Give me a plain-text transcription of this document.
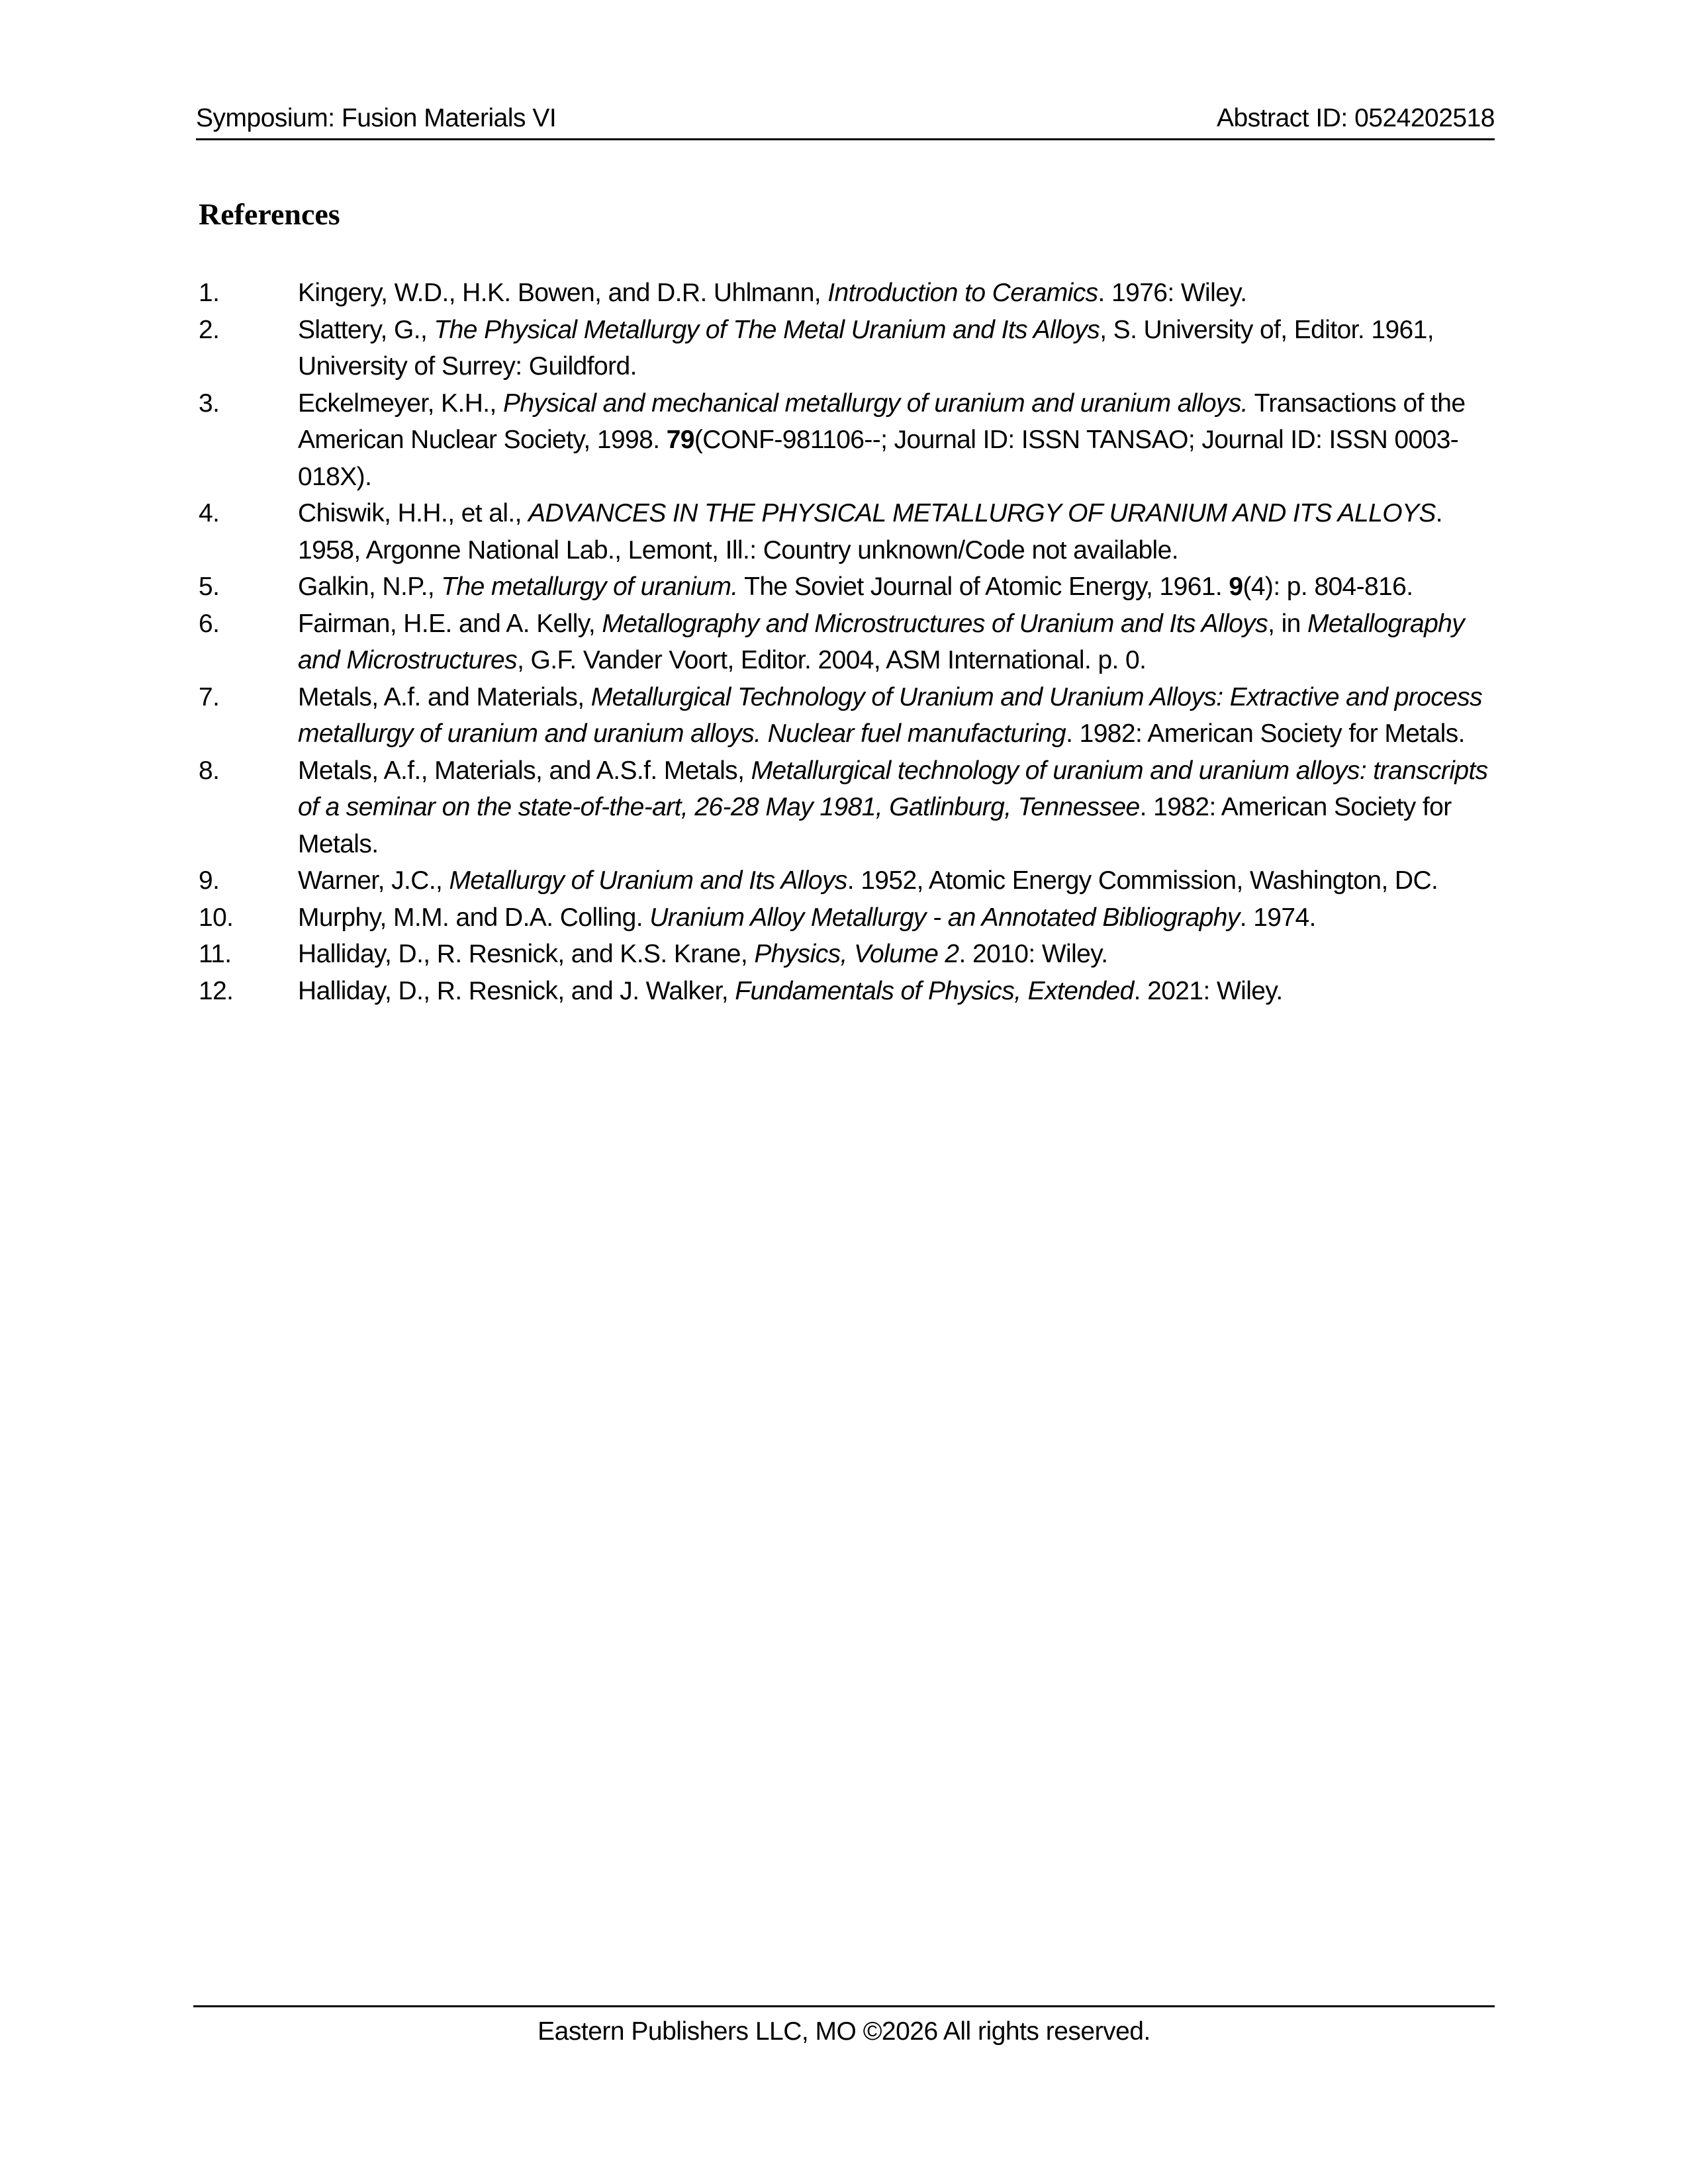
Symposium: Fusion Materials VI	Abstract ID: 0524202518
References
1.	Kingery, W.D., H.K. Bowen, and D.R. Uhlmann, Introduction to Ceramics. 1976: Wiley.
2.	Slattery, G., The Physical Metallurgy of The Metal Uranium and Its Alloys, S. University of, Editor. 1961, University of Surrey: Guildford.
3.	Eckelmeyer, K.H., Physical and mechanical metallurgy of uranium and uranium alloys. Transactions of the American Nuclear Society, 1998. 79(CONF-981106--; Journal ID: ISSN TANSAO; Journal ID: ISSN 0003-018X).
4.	Chiswik, H.H., et al., ADVANCES IN THE PHYSICAL METALLURGY OF URANIUM AND ITS ALLOYS. 1958, Argonne National Lab., Lemont, Ill.: Country unknown/Code not available.
5.	Galkin, N.P., The metallurgy of uranium. The Soviet Journal of Atomic Energy, 1961. 9(4): p. 804-816.
6.	Fairman, H.E. and A. Kelly, Metallography and Microstructures of Uranium and Its Alloys, in Metallography and Microstructures, G.F. Vander Voort, Editor. 2004, ASM International. p. 0.
7.	Metals, A.f. and Materials, Metallurgical Technology of Uranium and Uranium Alloys: Extractive and process metallurgy of uranium and uranium alloys. Nuclear fuel manufacturing. 1982: American Society for Metals.
8.	Metals, A.f., Materials, and A.S.f. Metals, Metallurgical technology of uranium and uranium alloys: transcripts of a seminar on the state-of-the-art, 26-28 May 1981, Gatlinburg, Tennessee. 1982: American Society for Metals.
9.	Warner, J.C., Metallurgy of Uranium and Its Alloys. 1952, Atomic Energy Commission, Washington, DC.
10.	Murphy, M.M. and D.A. Colling. Uranium Alloy Metallurgy - an Annotated Bibliography. 1974.
11.	Halliday, D., R. Resnick, and K.S. Krane, Physics, Volume 2. 2010: Wiley.
12.	Halliday, D., R. Resnick, and J. Walker, Fundamentals of Physics, Extended. 2021: Wiley.
Eastern Publishers LLC, MO ©2026 All rights reserved.
